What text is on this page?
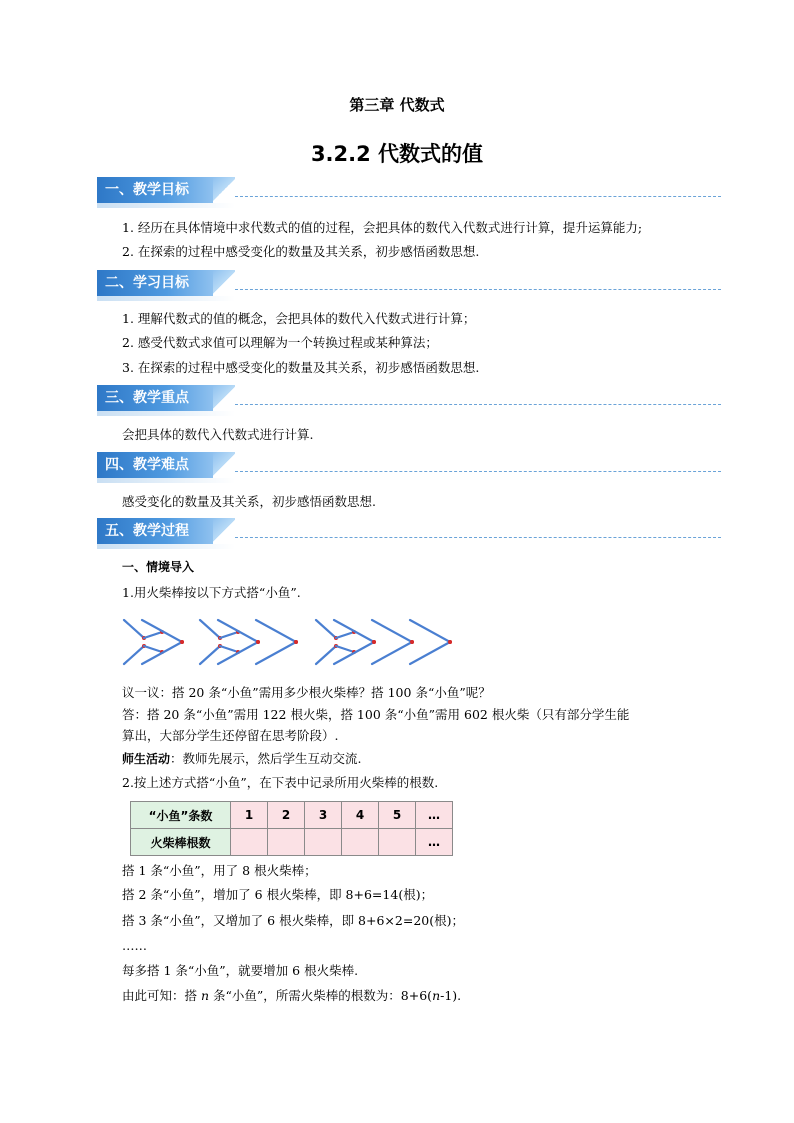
第三章 代数式
3.2.2 代数式的值
一、教学目标
1. 经历在具体情境中求代数式的值的过程，会把具体的数代入代数式进行计算，提升运算能力;
2. 在探索的过程中感受变化的数量及其关系，初步感悟函数思想.
二、学习目标
1. 理解代数式的值的概念，会把具体的数代入代数式进行计算；
2. 感受代数式求值可以理解为一个转换过程或某种算法；
3. 在探索的过程中感受变化的数量及其关系，初步感悟函数思想.
三、教学重点
会把具体的数代入代数式进行计算.
四、教学难点
感受变化的数量及其关系，初步感悟函数思想.
五、教学过程
一、情境导入
1.用火柴棒按以下方式搭“小鱼”.
议一议：搭 20 条“小鱼”需用多少根火柴棒？搭 100 条“小鱼”呢？
答：搭 20 条“小鱼”需用 122 根火柴，搭 100 条“小鱼”需用 602 根火柴（只有部分学生能
算出，大部分学生还停留在思考阶段）.
师生活动：教师先展示，然后学生互动交流.
2.按上述方式搭“小鱼”，在下表中记录所用火柴棒的根数.
“小鱼”条数	1	2	3	4	5	…
火柴棒根数						…
搭 1 条“小鱼”，用了 8 根火柴棒；
搭 2 条“小鱼”，增加了 6 根火柴棒，即 8+6=14(根)；
搭 3 条“小鱼”，又增加了 6 根火柴棒，即 8+6×2=20(根)；
……
每多搭 1 条“小鱼”，就要增加 6 根火柴棒.
由此可知：搭 n 条“小鱼”，所需火柴棒的根数为：8+6(n-1).
